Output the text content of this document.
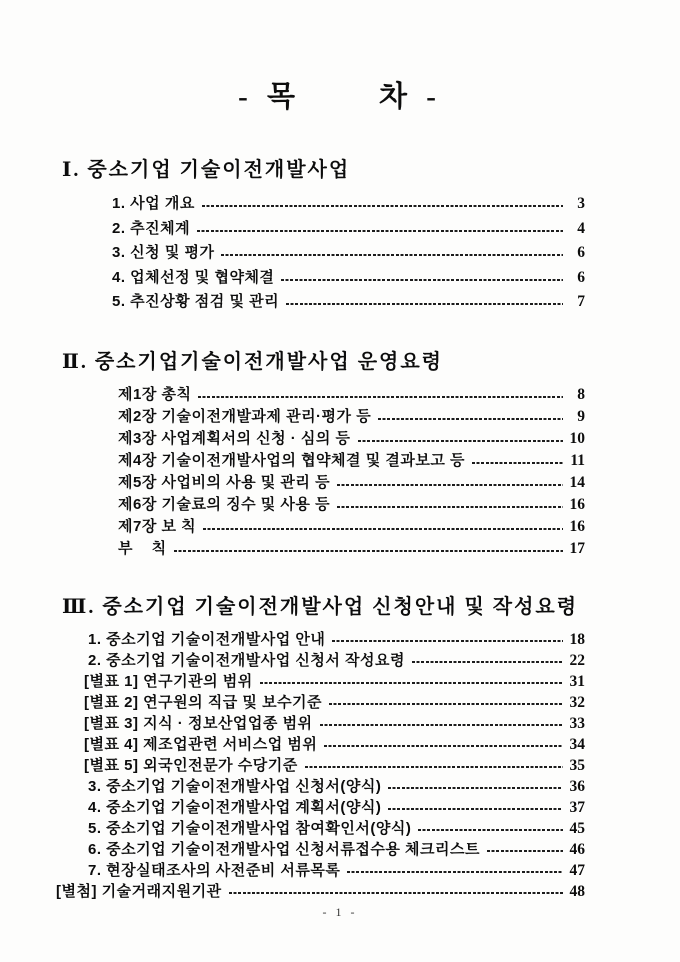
- 목	차 -
Ⅰ. 중소기업 기술이전개발사업
1. 사업 개요	3
2. 추진체계	4
3. 신청 및 평가	6
4. 업체선정 및 협약체결	6
5. 추진상황 점검 및 관리	7
Ⅱ. 중소기업기술이전개발사업 운영요령
제1장 총칙	8
제2장 기술이전개발과제 관리·평가 등	9
제3장 사업계획서의 신청 · 심의 등	10
제4장 기술이전개발사업의 협약체결 및 결과보고 등	11
제5장 사업비의 사용 및 관리 등	14
제6장 기술료의 징수 및 사용 등	16
제7장 보 칙	16
부    칙	17
Ⅲ. 중소기업 기술이전개발사업 신청안내 및 작성요령
1. 중소기업 기술이전개발사업 안내	18
2. 중소기업 기술이전개발사업 신청서 작성요령	22
[별표 1] 연구기관의 범위	31
[별표 2] 연구원의 직급 및 보수기준	32
[별표 3] 지식 · 정보산업업종 범위	33
[별표 4] 제조업관련 서비스업 범위	34
[별표 5] 외국인전문가 수당기준	35
3. 중소기업 기술이전개발사업 신청서(양식)	36
4. 중소기업 기술이전개발사업 계획서(양식)	37
5. 중소기업 기술이전개발사업 참여확인서(양식)	45
6. 중소기업 기술이전개발사업 신청서류접수용 체크리스트	46
7. 현장실태조사의 사전준비 서류목록	47
[별첨] 기술거래지원기관	48
- 1 -
